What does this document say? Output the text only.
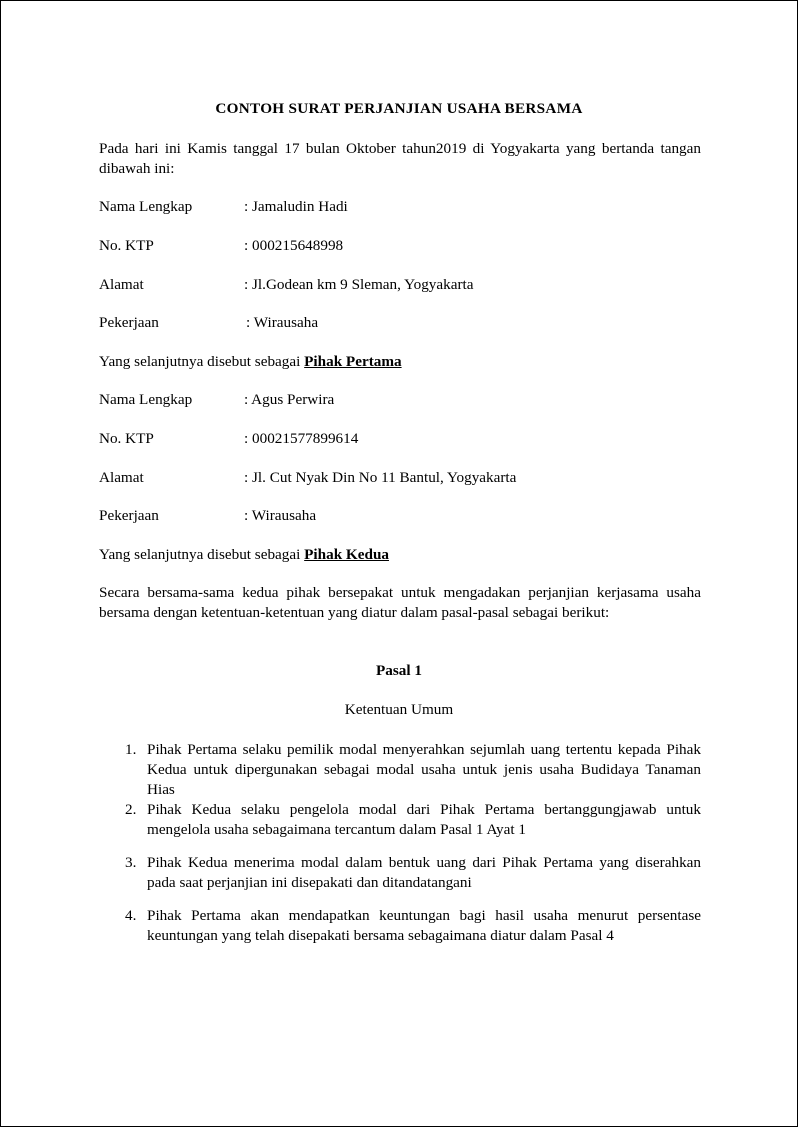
CONTOH SURAT PERJANJIAN USAHA BERSAMA
Pada hari ini Kamis tanggal 17 bulan Oktober tahun2019 di Yogyakarta yang bertanda tangan dibawah ini:
Nama Lengkap	: Jamaludin Hadi
No. KTP	: 000215648998
Alamat	: Jl.Godean km 9 Sleman, Yogyakarta
Pekerjaan	: Wirausaha
Yang selanjutnya disebut sebagai Pihak Pertama
Nama Lengkap	: Agus Perwira
No. KTP	: 00021577899614
Alamat	: Jl. Cut Nyak Din No 11 Bantul, Yogyakarta
Pekerjaan	: Wirausaha
Yang selanjutnya disebut sebagai Pihak Kedua
Secara bersama-sama kedua pihak bersepakat untuk mengadakan perjanjian kerjasama usaha bersama dengan ketentuan-ketentuan yang diatur dalam pasal-pasal sebagai berikut:
Pasal 1
Ketentuan Umum
1. Pihak Pertama selaku pemilik modal menyerahkan sejumlah uang tertentu kepada Pihak Kedua untuk dipergunakan sebagai modal usaha untuk jenis usaha Budidaya Tanaman Hias
2. Pihak Kedua selaku pengelola modal dari Pihak Pertama bertanggungjawab untuk mengelola usaha sebagaimana tercantum dalam Pasal 1 Ayat 1
3. Pihak Kedua menerima modal dalam bentuk uang dari Pihak Pertama yang diserahkan pada saat perjanjian ini disepakati dan ditandatangani
4. Pihak Pertama akan mendapatkan keuntungan bagi hasil usaha menurut persentase keuntungan yang telah disepakati bersama sebagaimana diatur dalam Pasal 4
